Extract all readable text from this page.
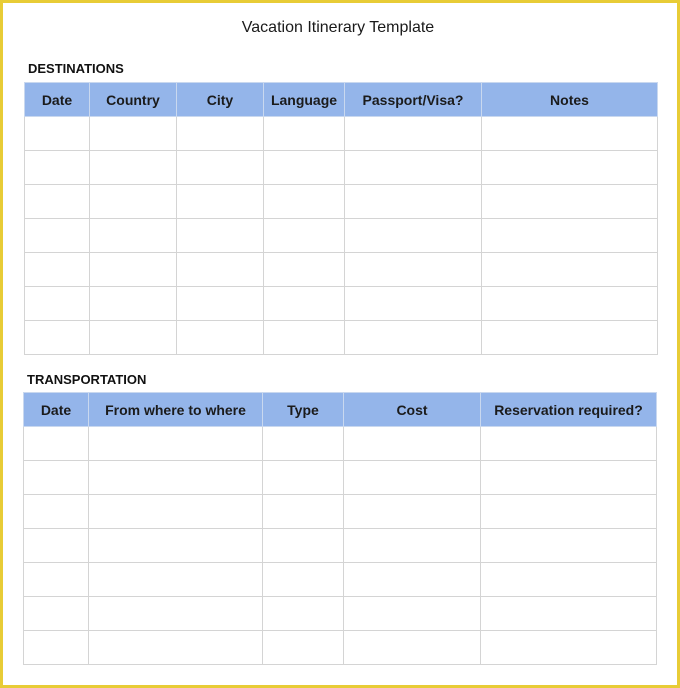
Vacation Itinerary Template
DESTINATIONS
Date	Country	City	Language	Passport/Visa?	Notes

TRANSPORTATION
Date	From where to where	Type	Cost	Reservation required?
